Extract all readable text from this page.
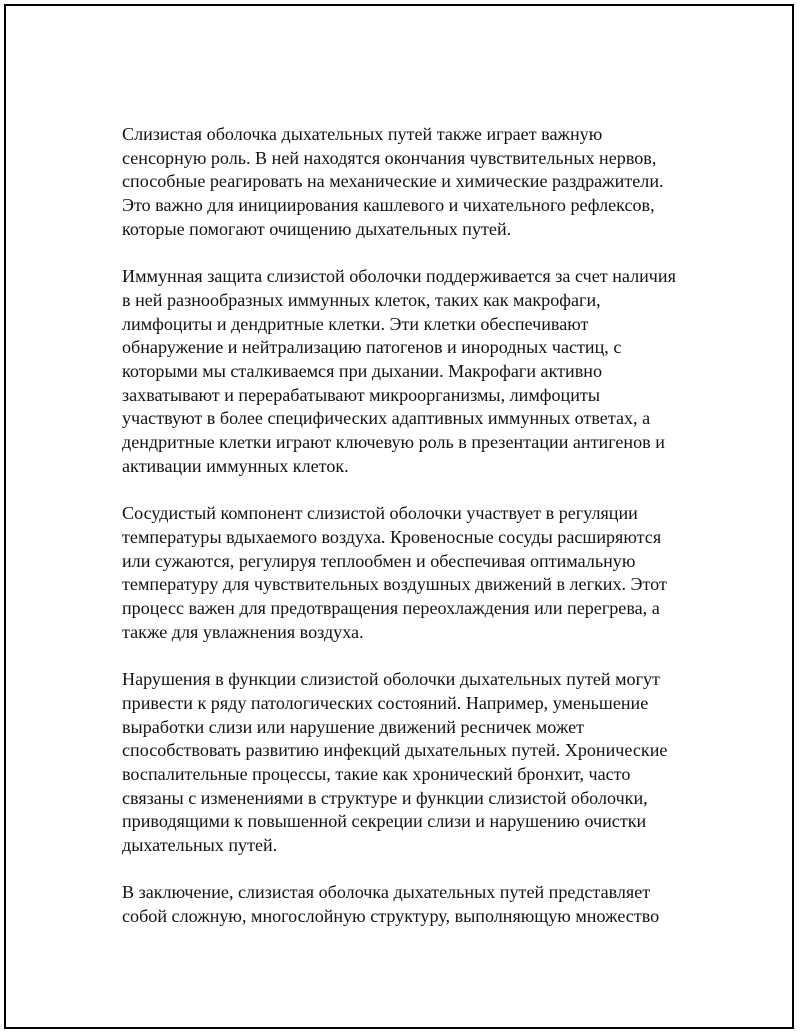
Слизистая оболочка дыхательных путей также играет важную
сенсорную роль. В ней находятся окончания чувствительных нервов,
способные реагировать на механические и химические раздражители.
Это важно для инициирования кашлевого и чихательного рефлексов,
которые помогают очищению дыхательных путей.

Иммунная защита слизистой оболочки поддерживается за счет наличия
в ней разнообразных иммунных клеток, таких как макрофаги,
лимфоциты и дендритные клетки. Эти клетки обеспечивают
обнаружение и нейтрализацию патогенов и инородных частиц, с
которыми мы сталкиваемся при дыхании. Макрофаги активно
захватывают и перерабатывают микроорганизмы, лимфоциты
участвуют в более специфических адаптивных иммунных ответах, а
дендритные клетки играют ключевую роль в презентации антигенов и
активации иммунных клеток.

Сосудистый компонент слизистой оболочки участвует в регуляции
температуры вдыхаемого воздуха. Кровеносные сосуды расширяются
или сужаются, регулируя теплообмен и обеспечивая оптимальную
температуру для чувствительных воздушных движений в легких. Этот
процесс важен для предотвращения переохлаждения или перегрева, а
также для увлажнения воздуха.

Нарушения в функции слизистой оболочки дыхательных путей могут
привести к ряду патологических состояний. Например, уменьшение
выработки слизи или нарушение движений ресничек может
способствовать развитию инфекций дыхательных путей. Хронические
воспалительные процессы, такие как хронический бронхит, часто
связаны с изменениями в структуре и функции слизистой оболочки,
приводящими к повышенной секреции слизи и нарушению очистки
дыхательных путей.

В заключение, слизистая оболочка дыхательных путей представляет
собой сложную, многослойную структуру, выполняющую множество
